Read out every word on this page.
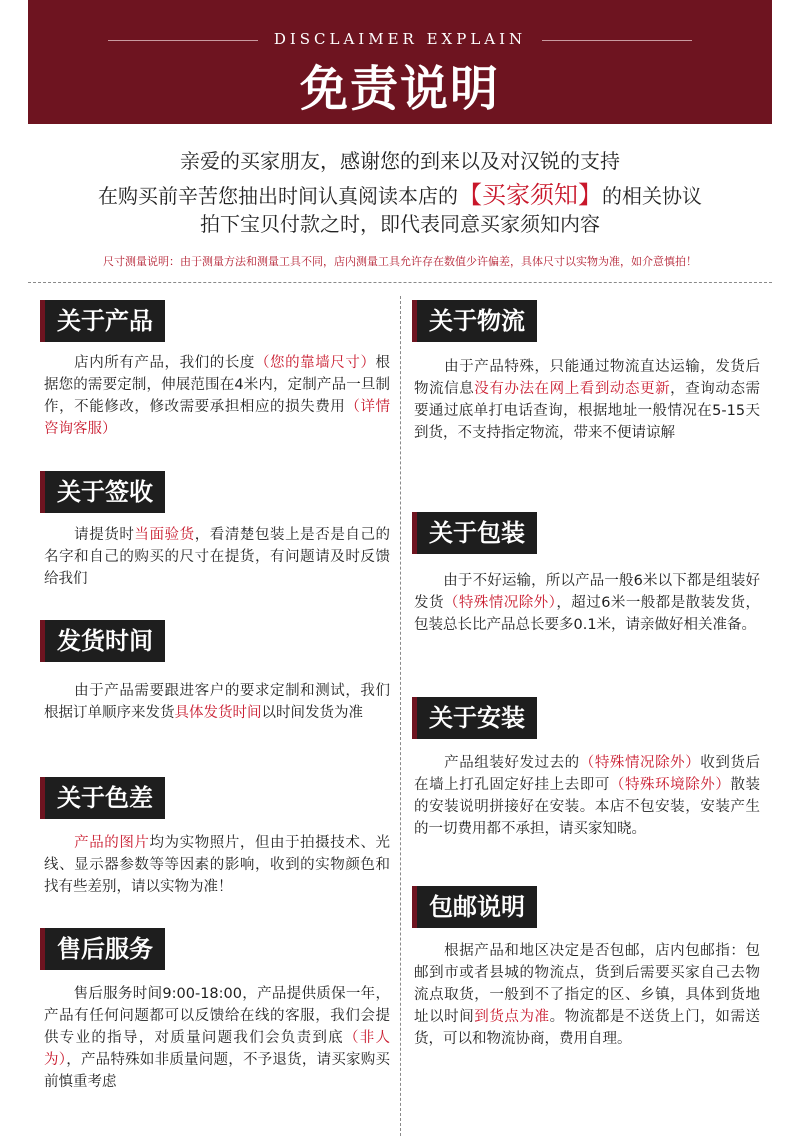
DISCLAIMER EXPLAIN
免责说明
亲爱的买家朋友，感谢您的到来以及对汉锐的支持
在购买前辛苦您抽出时间认真阅读本店的【买家须知】的相关协议
拍下宝贝付款之时，即代表同意买家须知内容
尺寸测量说明：由于测量方法和测量工具不同，店内测量工具允许存在数值少许偏差，具体尺寸以实物为准，如介意慎拍！
关于产品
　　店内所有产品，我们的长度（您的靠墙尺寸）根据您的需要定制，伸展范围在4米内，定制产品一旦制作，不能修改，修改需要承担相应的损失费用（详情咨询客服）
关于签收
　　请提货时当面验货，看清楚包装上是否是自己的名字和自己的购买的尺寸在提货，有问题请及时反馈给我们
发货时间
　　由于产品需要跟进客户的要求定制和测试，我们根据订单顺序来发货具体发货时间以时间发货为准
关于色差
　　产品的图片均为实物照片，但由于拍摄技术、光线、显示器参数等等因素的影响，收到的实物颜色和找有些差别，请以实物为准！
售后服务
　　售后服务时间9:00-18:00，产品提供质保一年，产品有任何问题都可以反馈给在线的客服，我们会提供专业的指导，对质量问题我们会负责到底（非人为），产品特殊如非质量问题，不予退货，请买家购买前慎重考虑
关于物流
　　由于产品特殊，只能通过物流直达运输，发货后物流信息没有办法在网上看到动态更新，查询动态需要通过底单打电话查询，根据地址一般情况在5-15天到货，不支持指定物流，带来不便请谅解
关于包装
　　由于不好运输，所以产品一般6米以下都是组装好发货（特殊情况除外），超过6米一般都是散装发货，包装总长比产品总长要多0.1米，请亲做好相关准备。
关于安装
　　产品组装好发过去的（特殊情况除外）收到货后在墙上打孔固定好挂上去即可（特殊环境除外）散装的安装说明拼接好在安装。本店不包安装，安装产生的一切费用都不承担，请买家知晓。
包邮说明
　　根据产品和地区决定是否包邮，店内包邮指：包邮到市或者县城的物流点，货到后需要买家自己去物流点取货，一般到不了指定的区、乡镇，具体到货地址以时间到货点为准。物流都是不送货上门，如需送货，可以和物流协商，费用自理。
